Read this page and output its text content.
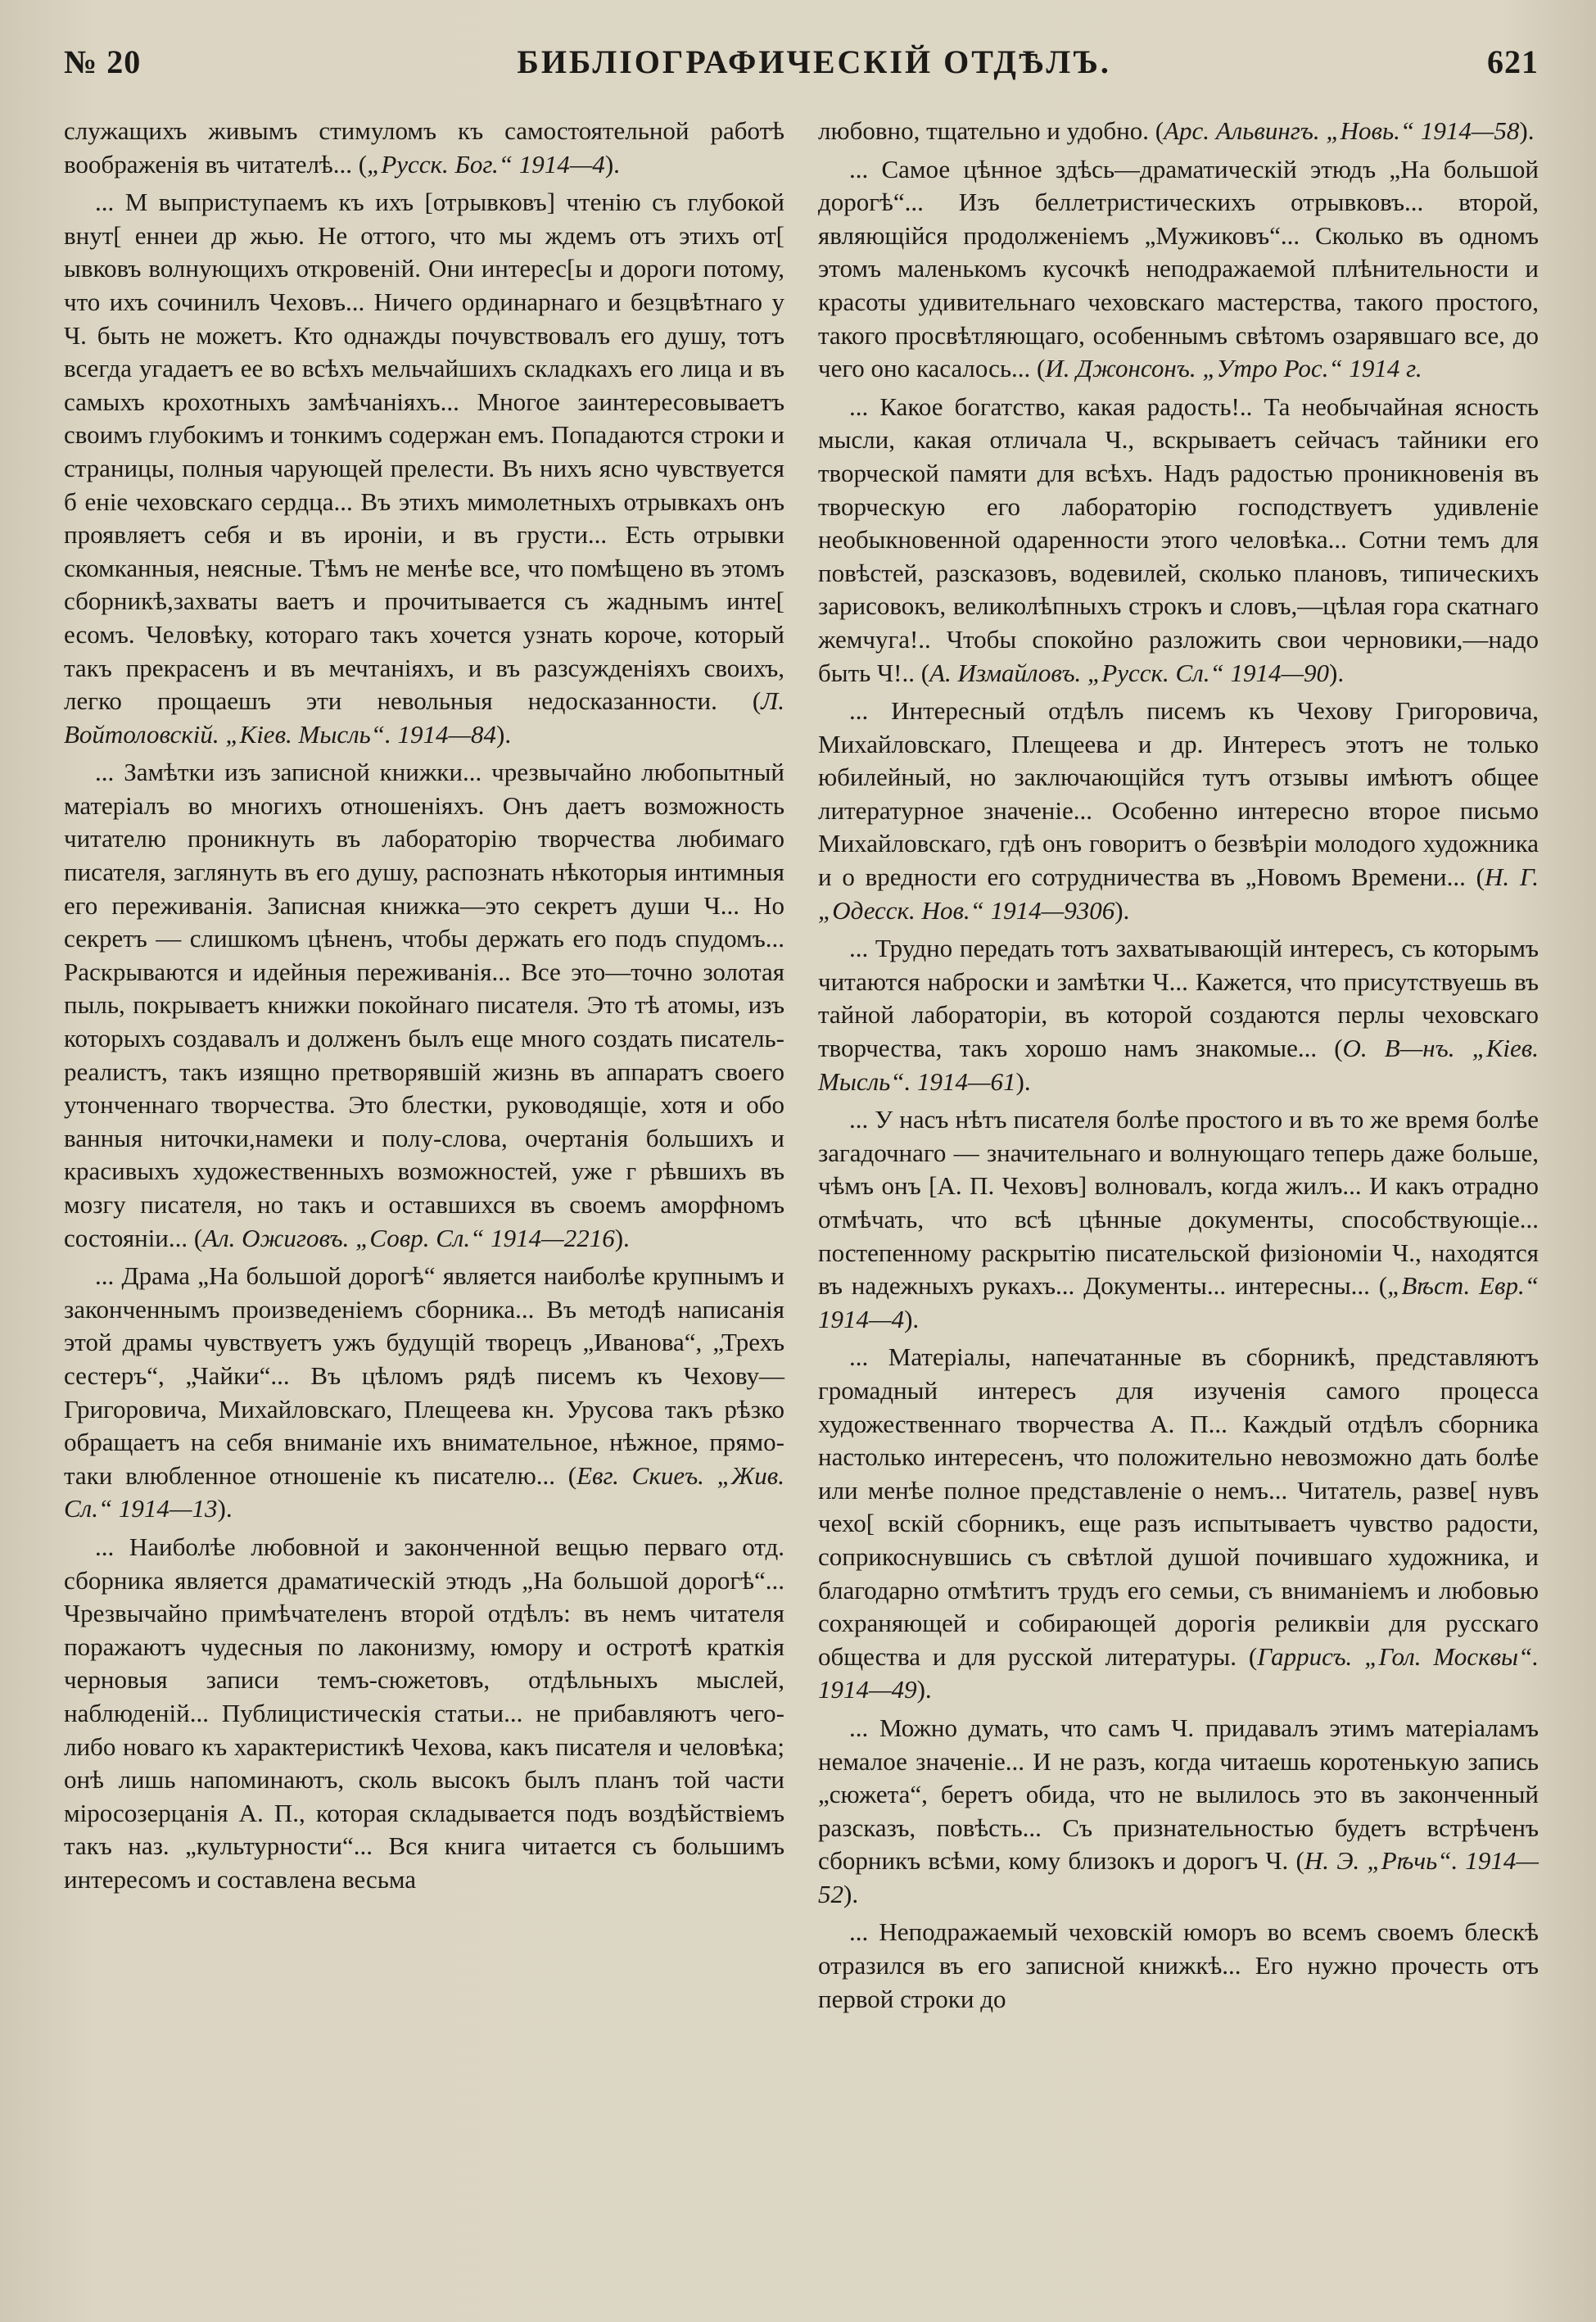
№ 20	БИБЛІОГРАФИЧЕСКІЙ ОТДѢЛЪ.	621

служащихъ живымъ стимуломъ къ самостоятельной работѣ воображенія въ читателѣ... („Русск. Бог.“ 1914—4).

... М выприступаемъ къ ихъ [отрывковъ] чтенію съ глубокой внут[ еннеи др жью. Не оттого, что мы ждемъ отъ этихъ от[ ывковъ волнующихъ откровеній. Они интерес[ы и дороги потому, что ихъ сочинилъ Чеховъ... Ничего ординарнаго и безцвѣтнаго у Ч. быть не можетъ. Кто однажды почувствовалъ его душу, тотъ всегда угадаетъ ее во всѣхъ мельчайшихъ складкахъ его лица и въ самыхъ крохотныхъ замѣчаніяхъ... Многое заинтересовываетъ своимъ глубокимъ и тонкимъ содержан емъ. Попадаются строки и страницы, полныя чарующей прелести. Въ нихъ ясно чувствуется б еніе чеховскаго сердца... Въ этихъ мимолетныхъ отрывкахъ онъ проявляетъ себя и въ иронiи, и въ грусти... Есть отрывки скомканныя, неясные. Тѣмъ не менѣе все, что помѣщено въ этомъ сборникѣ,захваты ваетъ и прочитывается съ жаднымъ инте[ есомъ. Человѣку, котораго такъ хочется узнать короче, который такъ прекрасенъ и въ мечтаніяхъ, и въ разсужденіяхъ своихъ, легко прощаешъ эти невольныя недосказанности. (Л. Войтоловскій. „Кіев. Мысль“. 1914—84).

... Замѣтки изъ записной книжки... чрезвычайно любопытный матеріалъ во многихъ отношеніяхъ. Онъ даетъ возможность читателю проникнуть въ лабораторію творчества любимаго писателя, заглянуть въ его душу, распознать нѣкоторыя интимныя его переживанія. Записная книжка—это секретъ души Ч... Но секретъ — слишкомъ цѣненъ, чтобы держать его подъ спудомъ... Раскрываются и идейныя переживанія... Все это—точно золотая пыль, покрываетъ книжки покойнаго писателя. Это тѣ атомы, изъ которыхъ создавалъ и долженъ былъ еще много создать писатель-реалистъ, такъ изящно претворявшій жизнь въ аппаратъ своего утонченнаго творчества. Это блестки, руководящіе, хотя и обо ванныя ниточки,намеки и полу-слова, очертанія большихъ и красивыхъ художественныхъ возможностей, уже г рѣвшихъ въ мозгу писателя, но такъ и оставшихся въ своемъ аморфномъ состояніи... (Ал. Ожиговъ. „Совр. Сл.“ 1914—2216).

... Драма „На большой дорогѣ“ является наиболѣе крупнымъ и законченнымъ произведеніемъ сборника... Въ методѣ написанія этой драмы чувствуетъ ужъ будущій творецъ „Иванова“, „Трехъ сестеръ“, „Чайки“... Въ цѣломъ рядѣ писемъ къ Чехову—Григоровича, Михайловскаго, Плещеева кн. Урусова такъ рѣзко обращаетъ на себя вниманіе ихъ внимательное, нѣжное, прямо-таки влюбленное отношеніе къ писателю... (Евг. Скиеъ. „Жив. Сл.“ 1914—13).

... Наиболѣе любовной и законченной вещью перваго отд. сборника является драматическій этюдъ „На большой дорогѣ“... Чрезвычайно примѣчателенъ второй отдѣлъ: въ немъ читателя поражаютъ чудесныя по лаконизму, юмору и остротѣ краткія черновыя записи темъ-сюжетовъ, отдѣльныхъ мыслей, наблюденій... Публицистическія статьи... не прибавляютъ чего-либо новаго къ характеристикѣ Чехова, какъ писателя и человѣка; онѣ лишь напоминаютъ, сколь высокъ былъ планъ той части міросозерцанія А. П., которая складывается подъ воздѣйствіемъ такъ наз. „культурности“... Вся книга читается съ большимъ интересомъ и составлена весьма

любовно, тщательно и удобно. (Арс. Альвингъ. „Новь.“ 1914—58).

... Самое цѣнное здѣсь—драматическій этюдъ „На большой дорогѣ“... Изъ беллетристическихъ отрывковъ... второй, являющійся продолженіемъ „Мужиковъ“... Сколько въ одномъ этомъ маленькомъ кусочкѣ неподражаемой плѣнительности и красоты удивительнаго чеховскаго мастерства, такого простого, такого просвѣтляющаго, особеннымъ свѣтомъ озарявшаго все, до чего оно касалось... (И. Джонсонъ. „Утро Рос.“ 1914 г.

... Какое богатство, какая радость!.. Та необычайная ясность мысли, какая отличала Ч., вскрываетъ сейчасъ тайники его творческой памяти для всѣхъ. Надъ радостью проникновенія въ творческую его лабораторію господствуетъ удивленіе необыкновенной одаренности этого человѣка... Сотни темъ для повѣстей, разсказовъ, водевилей, сколько плановъ, типическихъ зарисовокъ, великолѣпныхъ строкъ и словъ,—цѣлая гора скатнаго жемчуга!.. Чтобы спокойно разложить свои черновики,—надо быть Ч!.. (А. Измайловъ. „Русск. Сл.“ 1914—90).

... Интересный отдѣлъ писемъ къ Чехову Григоровича, Михайловскаго, Плещеева и др. Интересъ этотъ не только юбилейный, но заключающійся тутъ отзывы имѣютъ общее литературное значеніе... Особенно интересно второе письмо Михайловскаго, гдѣ онъ говоритъ о безвѣріи молодого художника и о вредности его сотрудничества въ „Новомъ Времени... (Н. Г. „Одесск. Нов.“ 1914—9306).

... Трудно передать тотъ захватывающій интересъ, съ которымъ читаются наброски и замѣтки Ч... Кажется, что присутствуешь въ тайной лабораторіи, въ которой создаются перлы чеховскаго творчества, такъ хорошо намъ знакомые... (О. В—нъ. „Кіев. Мысль“. 1914—61).

... У насъ нѣтъ писателя болѣе простого и въ то же время болѣе загадочнаго — значительнаго и волнующаго теперь даже больше, чѣмъ онъ [А. П. Чеховъ] волновалъ, когда жилъ... И какъ отрадно отмѣчать, что всѣ цѣнные документы, способствующіе... постепенному раскрытію писательской физіономіи Ч., находятся въ надежныхъ рукахъ... Документы... интересны... („Вѣст. Евр.“ 1914—4).

... Матеріалы, напечатанные въ сборникѣ, представляютъ громадный интересъ для изученія самого процесса художественнаго творчества А. П... Каждый отдѣлъ сборника настолько интересенъ, что положительно невозможно дать болѣе или менѣе полное представленіе о немъ... Читатель, разве[ нувъ чехо[ вскій сборникъ, еще разъ испытываетъ чувство радости, соприкоснувшись съ свѣтлой душой почившаго художника, и благодарно отмѣтитъ трудъ его семьи, съ вниманіемъ и любовью сохраняющей и собирающей дорогія реликвіи для русскаго общества и для русской литературы. (Гаррисъ. „Гол. Москвы“. 1914—49).

... Можно думать, что самъ Ч. придавалъ этимъ матеріаламъ немалое значеніе... И не разъ, когда читаешь коротенькую запись „сюжета“, беретъ обида, что не вылилось это въ законченный разсказъ, повѣсть... Съ признательностью будетъ встрѣченъ сборникъ всѣми, кому близокъ и дорогъ Ч. (Н. Э. „Рѣчь“. 1914—52).

... Неподражаемый чеховскій юморъ во всемъ своемъ блескѣ отразился въ его записной книжкѣ... Его нужно прочесть отъ первой строки до
